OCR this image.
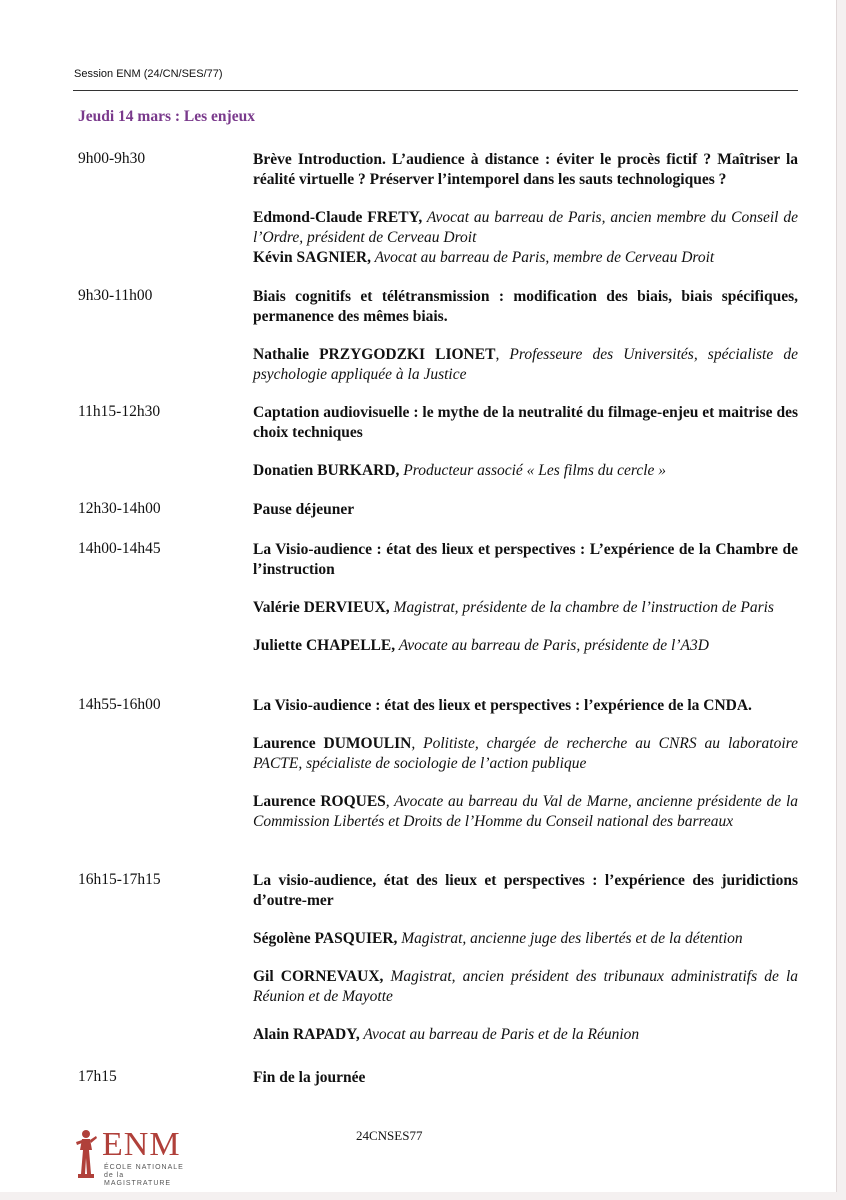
Session ENM (24/CN/SES/77)
Jeudi 14 mars : Les enjeux
9h00-9h30	Brève Introduction. L’audience à distance : éviter le procès fictif ? Maîtriser la réalité virtuelle ? Préserver l’intemporel dans les sauts technologiques ?
Edmond-Claude FRETY, Avocat au barreau de Paris, ancien membre du Conseil de l’Ordre, président de Cerveau Droit
Kévin SAGNIER, Avocat au barreau de Paris, membre de Cerveau Droit
9h30-11h00	Biais cognitifs et télétransmission : modification des biais, biais spécifiques, permanence des mêmes biais.
Nathalie PRZYGODZKI LIONET, Professeure des Universités, spécialiste de psychologie appliquée à la Justice
11h15-12h30	Captation audiovisuelle : le mythe de la neutralité du filmage-enjeu et maitrise des choix techniques
Donatien BURKARD, Producteur associé « Les films du cercle »
12h30-14h00	Pause déjeuner
14h00-14h45	La Visio-audience : état des lieux et perspectives : L’expérience de la Chambre de l’instruction
Valérie DERVIEUX, Magistrat, présidente de la chambre de l’instruction de Paris
Juliette CHAPELLE, Avocate au barreau de Paris, présidente de l’A3D
14h55-16h00	La Visio-audience : état des lieux et perspectives : l’expérience de la CNDA.
Laurence DUMOULIN, Politiste, chargée de recherche au CNRS au laboratoire PACTE, spécialiste de sociologie de l’action publique
Laurence ROQUES, Avocate au barreau du Val de Marne, ancienne présidente de la Commission Libertés et Droits de l’Homme du Conseil national des barreaux
16h15-17h15	La visio-audience, état des lieux et perspectives : l’expérience des juridictions d’outre-mer
Ségolène PASQUIER, Magistrat, ancienne juge des libertés et de la détention
Gil CORNEVAUX, Magistrat, ancien président des tribunaux administratifs de la Réunion et de Mayotte
Alain RAPADY, Avocat au barreau de Paris et de la Réunion
17h15	Fin de la journée
24CNSES77
ENM
ÉCOLE NATIONALE
de la MAGISTRATURE
